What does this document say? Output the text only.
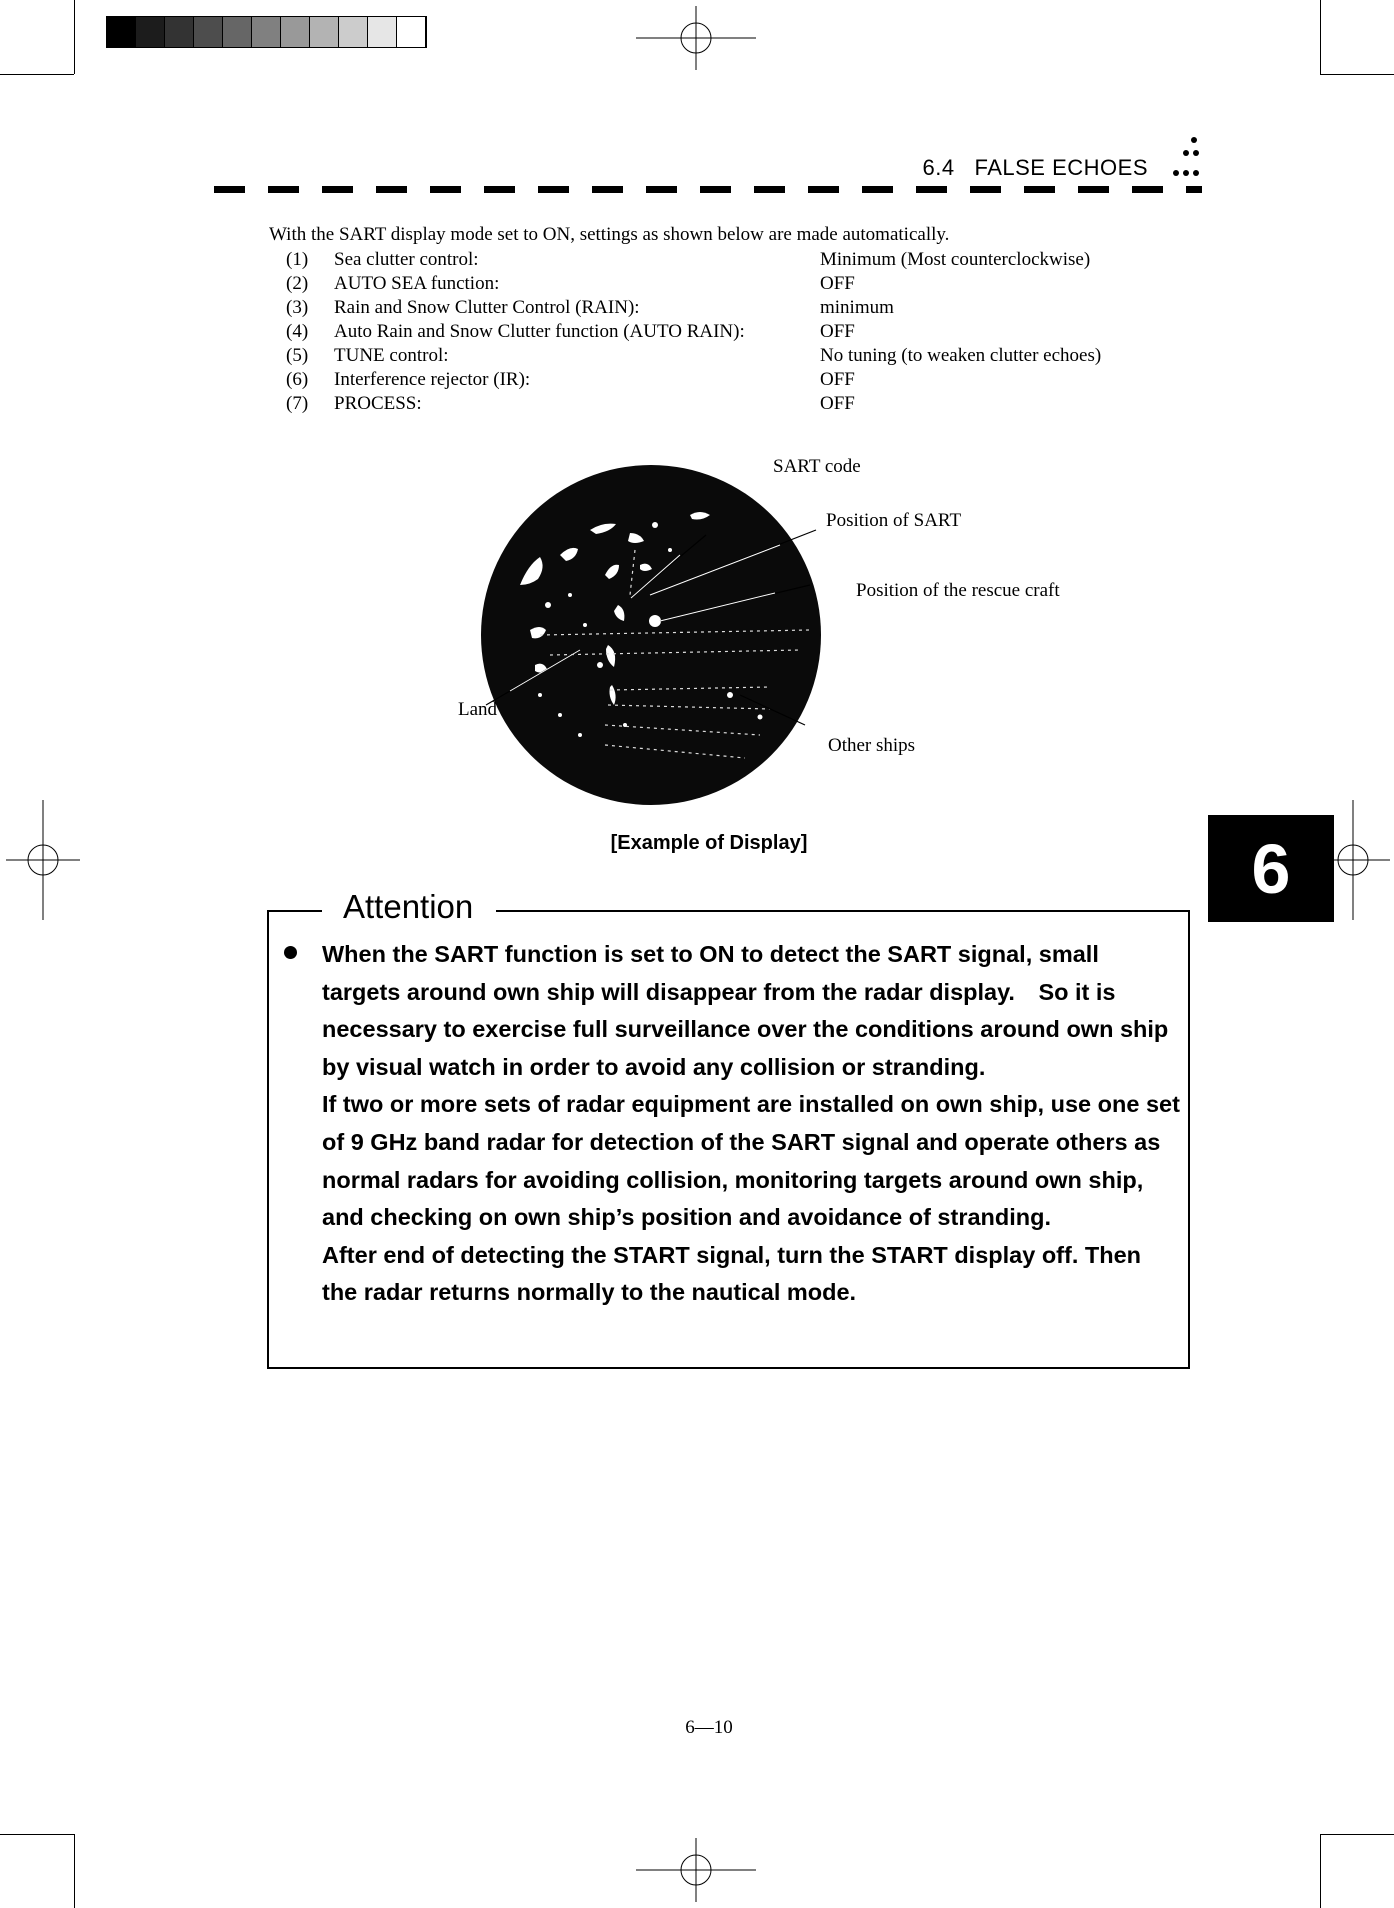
6.4 FALSE ECHOES
With the SART display mode set to ON, settings as shown below are made automatically.
(1)	Sea clutter control:	Minimum (Most counterclockwise)
(2)	AUTO SEA function:	OFF
(3)	Rain and Snow Clutter Control (RAIN):	minimum
(4)	Auto Rain and Snow Clutter function (AUTO RAIN):	OFF
(5)	TUNE control:	No tuning (to weaken clutter echoes)
(6)	Interference rejector (IR):	OFF
(7)	PROCESS:	OFF
SART code
Position of SART
Position of the rescue craft
Land
Other ships
[Example of Display]	6
Attention

When the SART function is set to ON to detect the SART signal, small targets around own ship will disappear from the radar display.　So it is necessary to exercise full surveillance over the conditions around own ship by visual watch in order to avoid any collision or stranding.

If two or more sets of radar equipment are installed on own ship, use one set of 9 GHz band radar for detection of the SART signal and operate others as normal radars for avoiding collision, monitoring targets around own ship, and checking on own ship’s position and avoidance of stranding.

After end of detecting the START signal, turn the START display off. Then the radar returns normally to the nautical mode.

6—10
